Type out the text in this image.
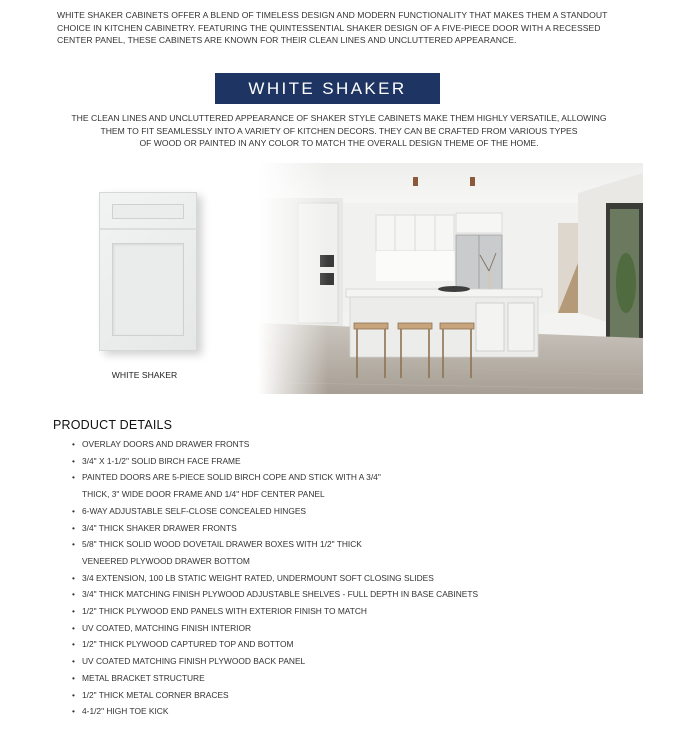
WHITE SHAKER CABINETS OFFER A BLEND OF TIMELESS DESIGN AND MODERN FUNCTIONALITY THAT MAKES THEM A STANDOUT CHOICE IN KITCHEN CABINETRY. FEATURING THE QUINTESSENTIAL SHAKER DESIGN OF A FIVE-PIECE DOOR WITH A RECESSED CENTER PANEL, THESE CABINETS ARE KNOWN FOR THEIR CLEAN LINES AND UNCLUTTERED APPEARANCE.
WHITE SHAKER
THE CLEAN LINES AND UNCLUTTERED APPEARANCE OF SHAKER STYLE CABINETS MAKE THEM HIGHLY VERSATILE, ALLOWING
THEM TO FIT SEAMLESSLY INTO A VARIETY OF KITCHEN DECORS. THEY CAN BE CRAFTED FROM VARIOUS TYPES
OF WOOD OR PAINTED IN ANY COLOR TO MATCH THE OVERALL DESIGN THEME OF THE HOME.
WHITE SHAKER
PRODUCT DETAILS
• OVERLAY DOORS AND DRAWER FRONTS
• 3/4" X 1-1/2" SOLID BIRCH FACE FRAME
• PAINTED DOORS ARE 5-PIECE SOLID BIRCH COPE AND STICK WITH A 3/4"
THICK, 3" WIDE DOOR FRAME AND 1/4" HDF CENTER PANEL
• 6-WAY ADJUSTABLE SELF-CLOSE CONCEALED HINGES
• 3/4" THICK SHAKER DRAWER FRONTS
• 5/8" THICK SOLID WOOD DOVETAIL DRAWER BOXES WITH 1/2" THICK
VENEERED PLYWOOD DRAWER BOTTOM
• 3/4 EXTENSION, 100 LB STATIC WEIGHT RATED, UNDERMOUNT SOFT CLOSING SLIDES
• 3/4" THICK MATCHING FINISH PLYWOOD ADJUSTABLE SHELVES - FULL DEPTH IN BASE CABINETS
• 1/2" THICK PLYWOOD END PANELS WITH EXTERIOR FINISH TO MATCH
• UV COATED, MATCHING FINISH INTERIOR
• 1/2" THICK PLYWOOD CAPTURED TOP AND BOTTOM
• UV COATED MATCHING FINISH PLYWOOD BACK PANEL
• METAL BRACKET STRUCTURE
• 1/2" THICK METAL CORNER BRACES
• 4-1/2" HIGH TOE KICK
